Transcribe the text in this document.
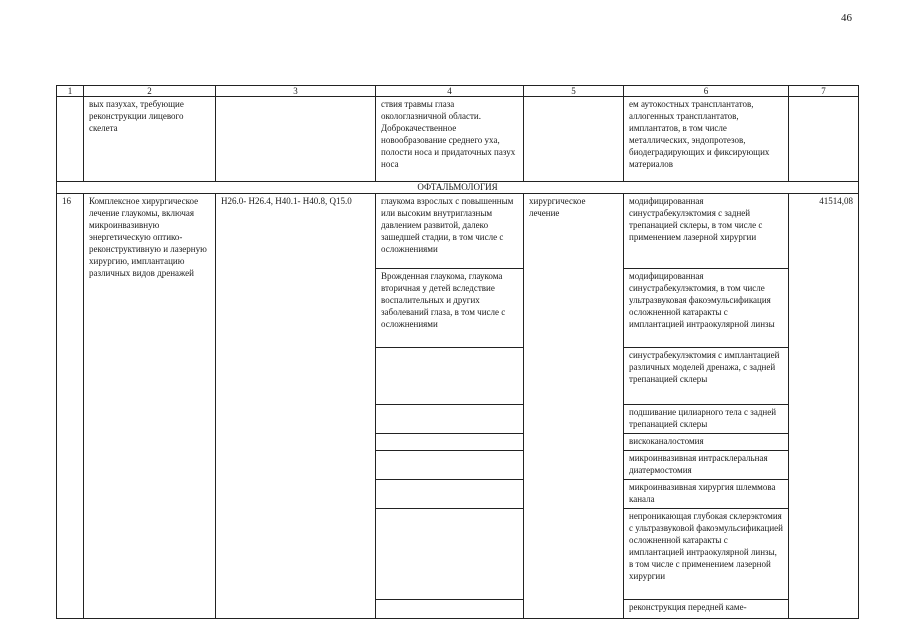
46
1	2	3	4	5	6	7
	вых пазухах, требующие реконструкции лицевого скелета		ствия травмы глаза окологлазничной области. Доброкачественное новообразование среднего уха, полости носа и придаточных пазух носа		ем аутокостных трансплантатов, аллогенных трансплантатов, имплантатов, в том числе металлических, эндопротезов, биодеградирующих и фиксирующих материалов	
ОФТАЛЬМОЛОГИЯ						
16	Комплексное хирургическое лечение глаукомы, включая микроинвазивную энергетическую оптико-реконструктивную и лазерную хирургию, имплантацию различных видов дренажей	H26.0- H26.4, H40.1- H40.8, Q15.0	глаукома взрослых с повышенным или высоким внутриглазным давлением развитой, далеко зашедшей стадии, в том числе с осложнениями	хирургическое лечение	модифицированная синустрабекулэктомия с задней трепанацией склеры, в том числе с применением лазерной хирургии	41514,08
			Врожденная глаукома, глаукома вторичная у детей вследствие воспалительных и других заболеваний глаза, в том числе с осложнениями		модифицированная синустрабекулэктомия, в том числе ультразвуковая факоэмульсификация осложненной катаракты с имплантацией интраокулярной линзы	
					синустрабекулэктомия с имплантацией различных моделей дренажа, с задней трепанацией склеры	
					подшивание цилиарного тела с задней трепанацией склеры	
					вискоканалостомия	
					микроинвазивная интрасклеральная диатермостомия	
					микроинвазивная хирургия шлеммова канала	
					непроникающая глубокая склерэктомия с ультразвуковой факоэмульсификацией осложненной катаракты с имплантацией интраокулярной линзы, в том числе с применением лазерной хирургии	
					реконструкция передней каме-	
